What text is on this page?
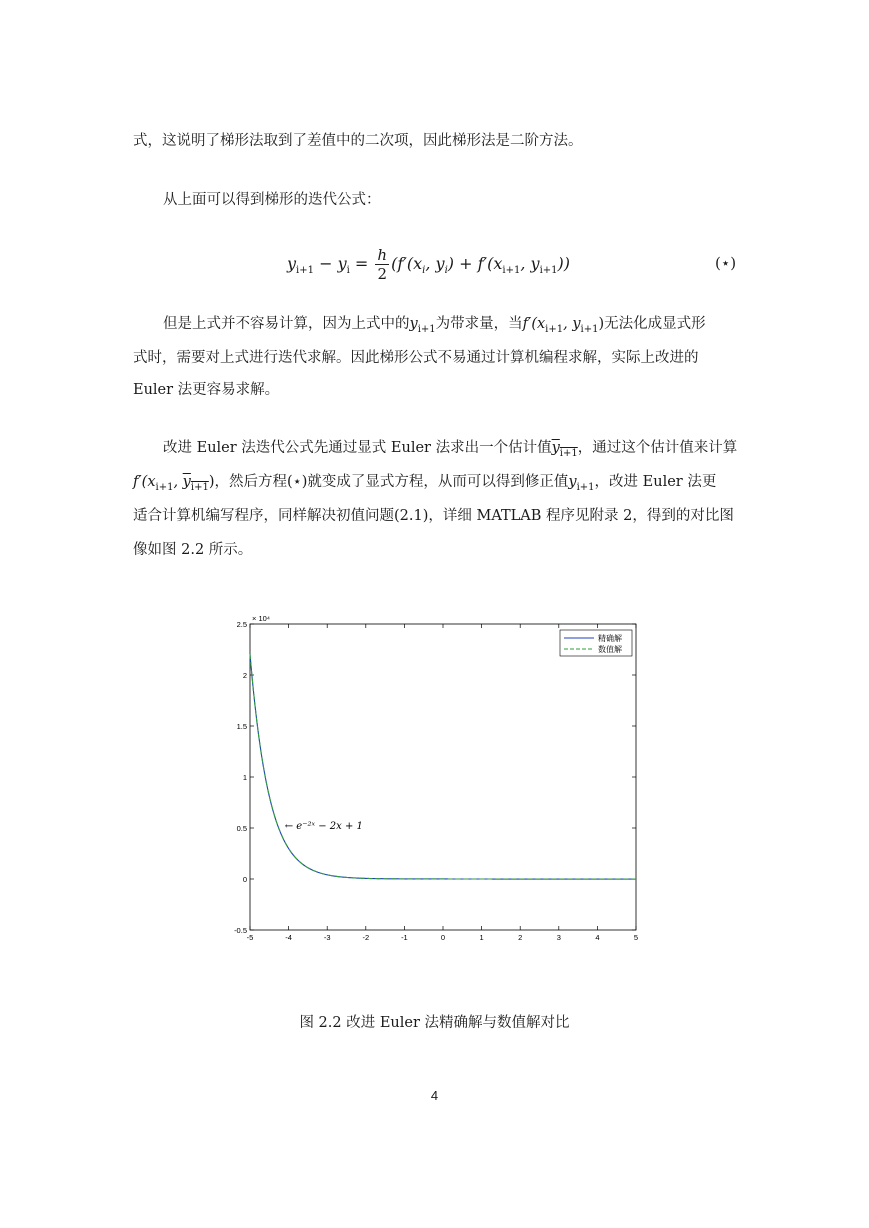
式，这说明了梯形法取到了差值中的二次项，因此梯形法是二阶方法。
从上面可以得到梯形的迭代公式：
$y_{i+1} - y_i = \frac{h}{2} (f'(x_i$, $y_i) + f'(x_{i+1}$, $y_{i+1}$))	(⋆)
但是上式并不容易计算，因为上式中的$y_{i+1}$为带求量，当$f'(x_{i+1}$, $y_{i+1}$)无法化成显式形
式时，需要对上式进行迭代求解。因此梯形公式不易通过计算机编程求解，实际上改进的
Euler 法更容易求解。
改进 Euler 法迭代公式先通过显式 Euler 法求出一个估计值$\overline{y}_{i+1}$，通过这个估计值来计算
$f'(x_{i+1}$, $\overline{y}_{i+1}$)，然后方程(⋆)就变成了显式方程，从而可以得到修正值$y_{i+1}$，改进 Euler 法更
适合计算机编写程序，同样解决初值问题(2.1)，详细 MATLAB 程序见附录 2，得到的对比图
像如图 2.2 所示。
-5	-4	-3	-2	-1	0	1	2	3	4	5
-0.5
0
0.5
1
1.5
2
2.5
× 10⁴
← e⁻²ˣ − 2x + 1
精确解
数值解
图 2.2 改进 Euler 法精确解与数值解对比
4
